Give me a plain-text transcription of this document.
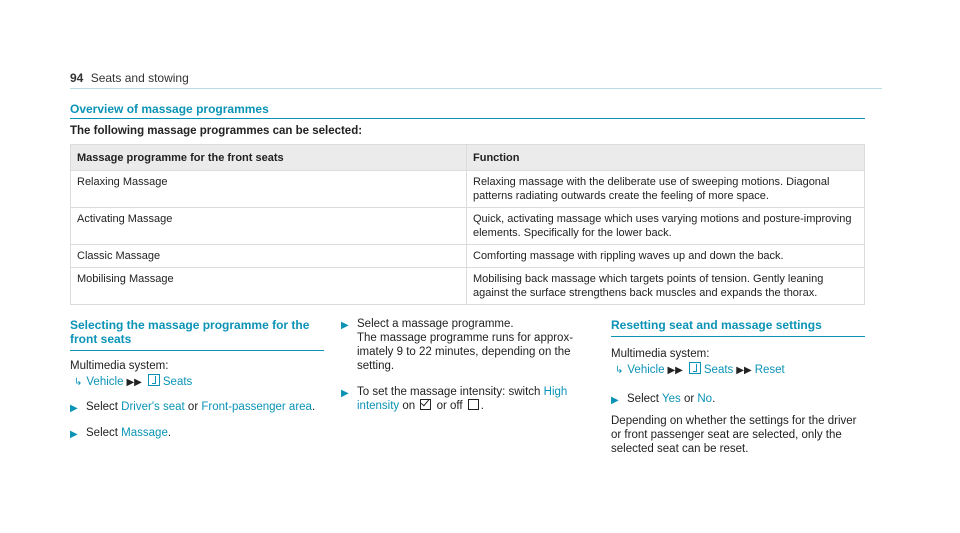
94 Seats and stowing
Overview of massage programmes
The following massage programmes can be selected:
Massage programme for the front seats	Function
Relaxing Massage	Relaxing massage with the deliberate use of sweeping motions. Diagonal patterns radiating outwards create the feeling of more space.
Activating Massage	Quick, activating massage which uses varying motions and posture-improving elements. Specifically for the lower back.
Classic Massage	Comforting massage with rippling waves up and down the back.
Mobilising Massage	Mobilising back massage which targets points of tension. Gently leaning against the surface strengthens back muscles and expands the thorax.
Selecting the massage programme for the
front seats
Multimedia system:
↳ Vehicle ▶▶ Seats
▶ Select Driver's seat or Front-passenger area.
▶ Select Massage.
▶ Select a massage programme.
The massage programme runs for approx-
imately 9 to 22 minutes, depending on the
setting.
▶ To set the massage intensity: switch High
intensity on or off .
Resetting seat and massage settings
Multimedia system:
↳ Vehicle ▶▶ Seats ▶▶ Reset
▶ Select Yes or No.
Depending on whether the settings for the driver
or front passenger seat are selected, only the
selected seat can be reset.
